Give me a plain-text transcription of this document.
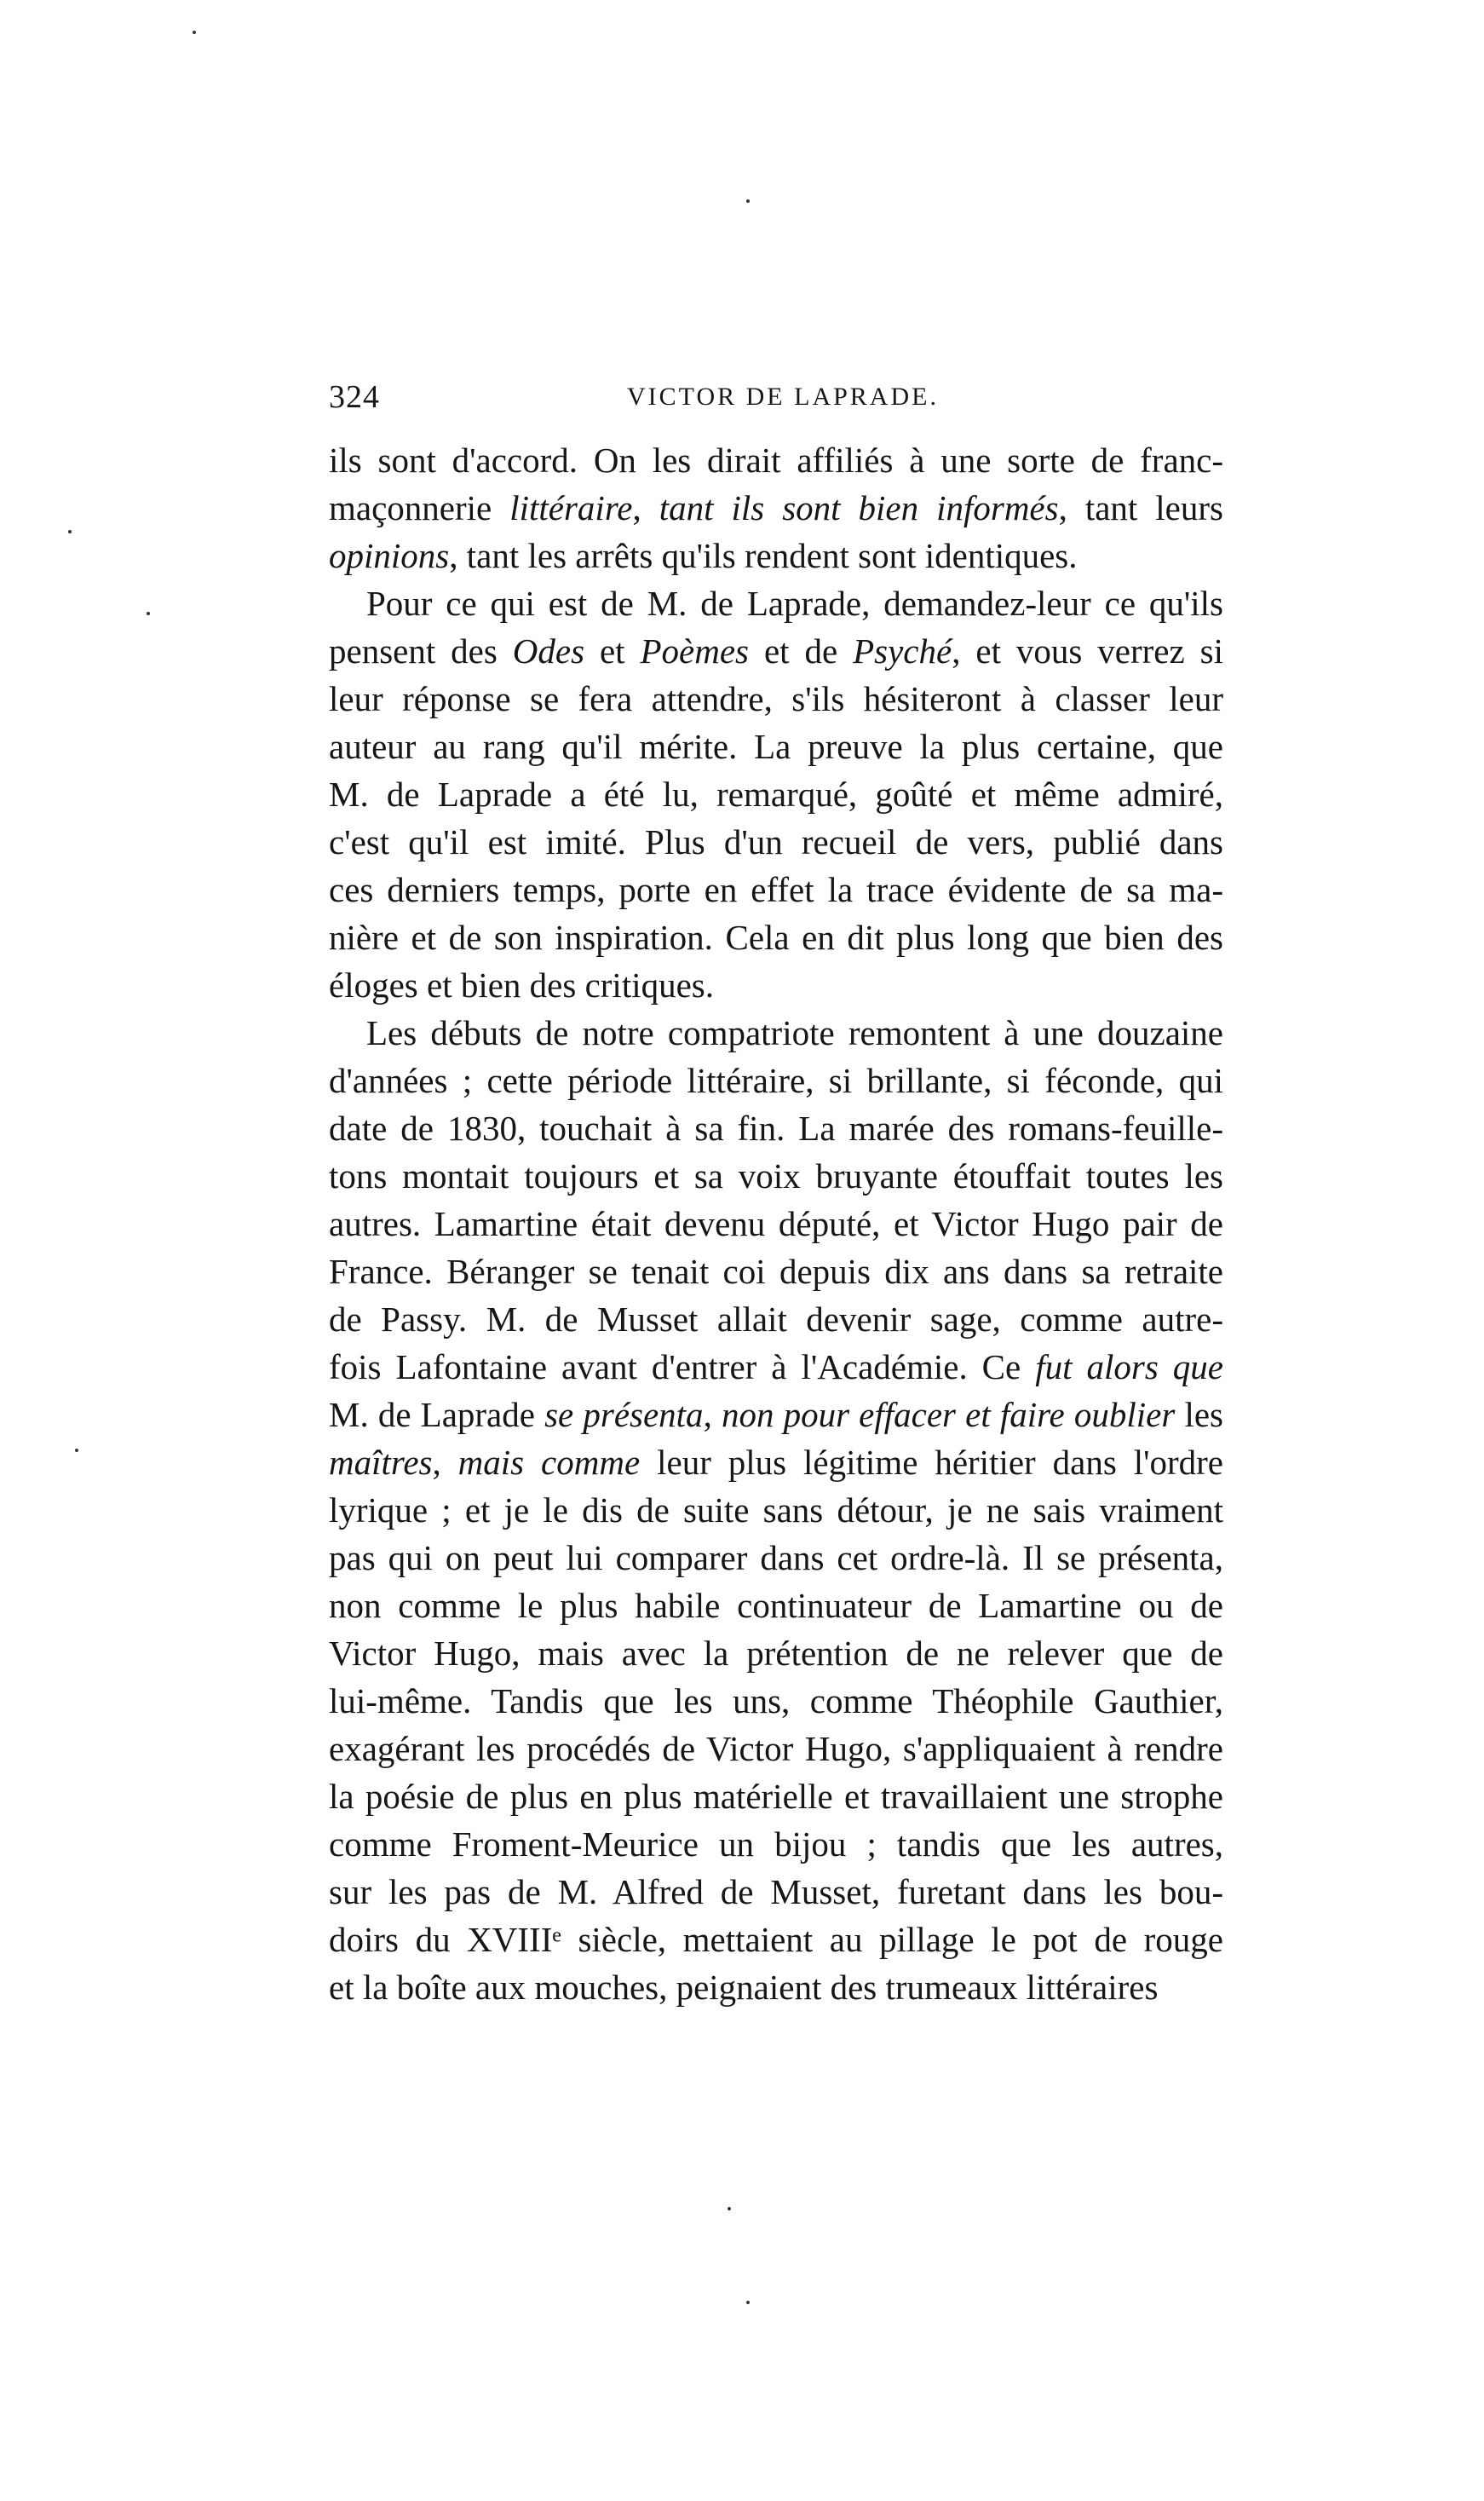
324	VICTOR DE LAPRADE.
ils sont d'accord. On les dirait affiliés à une sorte de franc-
maçonnerie littéraire, tant ils sont bien informés, tant leurs
opinions, tant les arrêts qu'ils rendent sont identiques.
Pour ce qui est de M. de Laprade, demandez-leur ce qu'ils
pensent des Odes et Poèmes et de Psyché, et vous verrez si
leur réponse se fera attendre, s'ils hésiteront à classer leur
auteur au rang qu'il mérite. La preuve la plus certaine, que
M. de Laprade a été lu, remarqué, goûté et même admiré,
c'est qu'il est imité. Plus d'un recueil de vers, publié dans
ces derniers temps, porte en effet la trace évidente de sa ma-
nière et de son inspiration. Cela en dit plus long que bien des
éloges et bien des critiques.
Les débuts de notre compatriote remontent à une douzaine
d'années ; cette période littéraire, si brillante, si féconde, qui
date de 1830, touchait à sa fin. La marée des romans-feuille-
tons montait toujours et sa voix bruyante étouffait toutes les
autres. Lamartine était devenu député, et Victor Hugo pair de
France. Béranger se tenait coi depuis dix ans dans sa retraite
de Passy. M. de Musset allait devenir sage, comme autre-
fois Lafontaine avant d'entrer à l'Académie. Ce fut alors que
M. de Laprade se présenta, non pour effacer et faire oublier les
maîtres, mais comme leur plus légitime héritier dans l'ordre
lyrique ; et je le dis de suite sans détour, je ne sais vraiment
pas qui on peut lui comparer dans cet ordre-là. Il se présenta,
non comme le plus habile continuateur de Lamartine ou de
Victor Hugo, mais avec la prétention de ne relever que de
lui-même. Tandis que les uns, comme Théophile Gauthier,
exagérant les procédés de Victor Hugo, s'appliquaient à rendre
la poésie de plus en plus matérielle et travaillaient une strophe
comme Froment-Meurice un bijou ; tandis que les autres,
sur les pas de M. Alfred de Musset, furetant dans les bou-
doirs du XVIIIᵉ siècle, mettaient au pillage le pot de rouge
et la boîte aux mouches, peignaient des trumeaux littéraires
